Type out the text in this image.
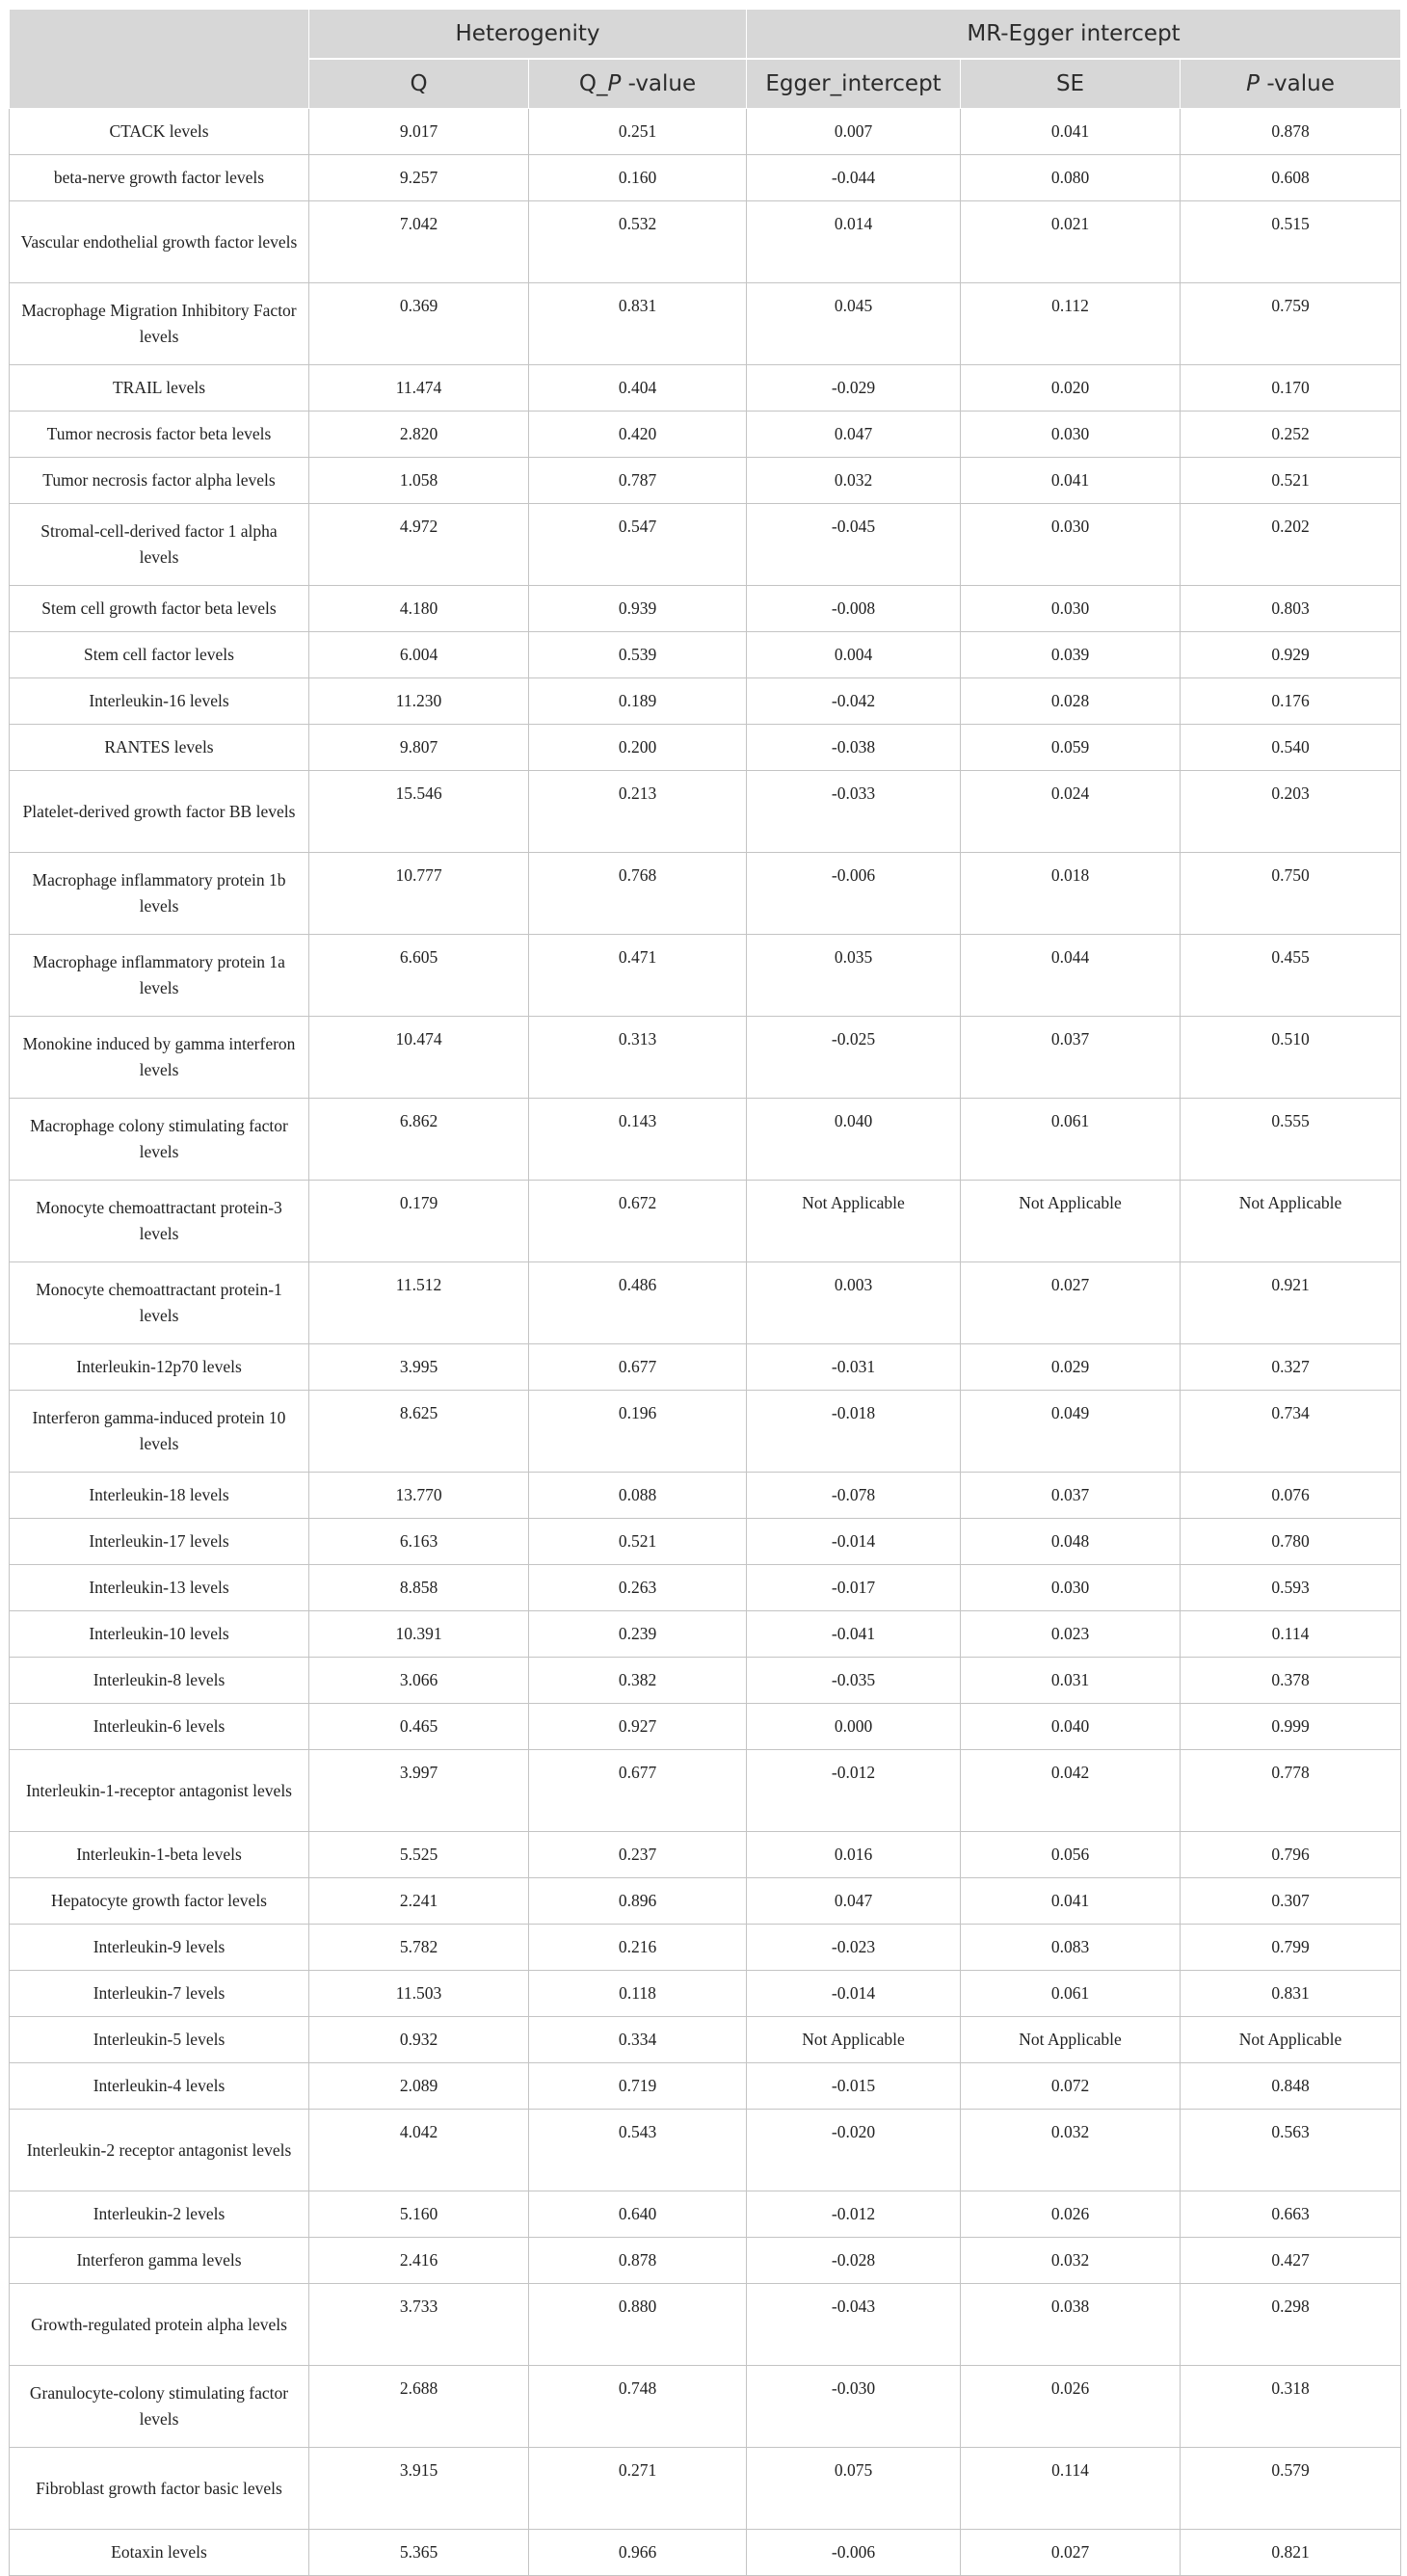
	Heterogenity		MR-Egger intercept		
	Q	Q_P -value	Egger_intercept	SE	P -value
CTACK levels	9.017	0.251	0.007	0.041	0.878
beta-nerve growth factor levels	9.257	0.160	-0.044	0.080	0.608
Vascular endothelial growth factor levels	7.042	0.532	0.014	0.021	0.515
Macrophage Migration Inhibitory Factor levels	0.369	0.831	0.045	0.112	0.759
TRAIL levels	11.474	0.404	-0.029	0.020	0.170
Tumor necrosis factor beta levels	2.820	0.420	0.047	0.030	0.252
Tumor necrosis factor alpha levels	1.058	0.787	0.032	0.041	0.521
Stromal-cell-derived factor 1 alpha levels	4.972	0.547	-0.045	0.030	0.202
Stem cell growth factor beta levels	4.180	0.939	-0.008	0.030	0.803
Stem cell factor levels	6.004	0.539	0.004	0.039	0.929
Interleukin-16 levels	11.230	0.189	-0.042	0.028	0.176
RANTES levels	9.807	0.200	-0.038	0.059	0.540
Platelet-derived growth factor BB levels	15.546	0.213	-0.033	0.024	0.203
Macrophage inflammatory protein 1b levels	10.777	0.768	-0.006	0.018	0.750
Macrophage inflammatory protein 1a levels	6.605	0.471	0.035	0.044	0.455
Monokine induced by gamma interferon levels	10.474	0.313	-0.025	0.037	0.510
Macrophage colony stimulating factor levels	6.862	0.143	0.040	0.061	0.555
Monocyte chemoattractant protein-3 levels	0.179	0.672	Not Applicable	Not Applicable	Not Applicable
Monocyte chemoattractant protein-1 levels	11.512	0.486	0.003	0.027	0.921
Interleukin-12p70 levels	3.995	0.677	-0.031	0.029	0.327
Interferon gamma-induced protein 10 levels	8.625	0.196	-0.018	0.049	0.734
Interleukin-18 levels	13.770	0.088	-0.078	0.037	0.076
Interleukin-17 levels	6.163	0.521	-0.014	0.048	0.780
Interleukin-13 levels	8.858	0.263	-0.017	0.030	0.593
Interleukin-10 levels	10.391	0.239	-0.041	0.023	0.114
Interleukin-8 levels	3.066	0.382	-0.035	0.031	0.378
Interleukin-6 levels	0.465	0.927	0.000	0.040	0.999
Interleukin-1-receptor antagonist levels	3.997	0.677	-0.012	0.042	0.778
Interleukin-1-beta levels	5.525	0.237	0.016	0.056	0.796
Hepatocyte growth factor levels	2.241	0.896	0.047	0.041	0.307
Interleukin-9 levels	5.782	0.216	-0.023	0.083	0.799
Interleukin-7 levels	11.503	0.118	-0.014	0.061	0.831
Interleukin-5 levels	0.932	0.334	Not Applicable	Not Applicable	Not Applicable
Interleukin-4 levels	2.089	0.719	-0.015	0.072	0.848
Interleukin-2 receptor antagonist levels	4.042	0.543	-0.020	0.032	0.563
Interleukin-2 levels	5.160	0.640	-0.012	0.026	0.663
Interferon gamma levels	2.416	0.878	-0.028	0.032	0.427
Growth-regulated protein alpha levels	3.733	0.880	-0.043	0.038	0.298
Granulocyte-colony stimulating factor levels	2.688	0.748	-0.030	0.026	0.318
Fibroblast growth factor basic levels	3.915	0.271	0.075	0.114	0.579
Eotaxin levels	5.365	0.966	-0.006	0.027	0.821
